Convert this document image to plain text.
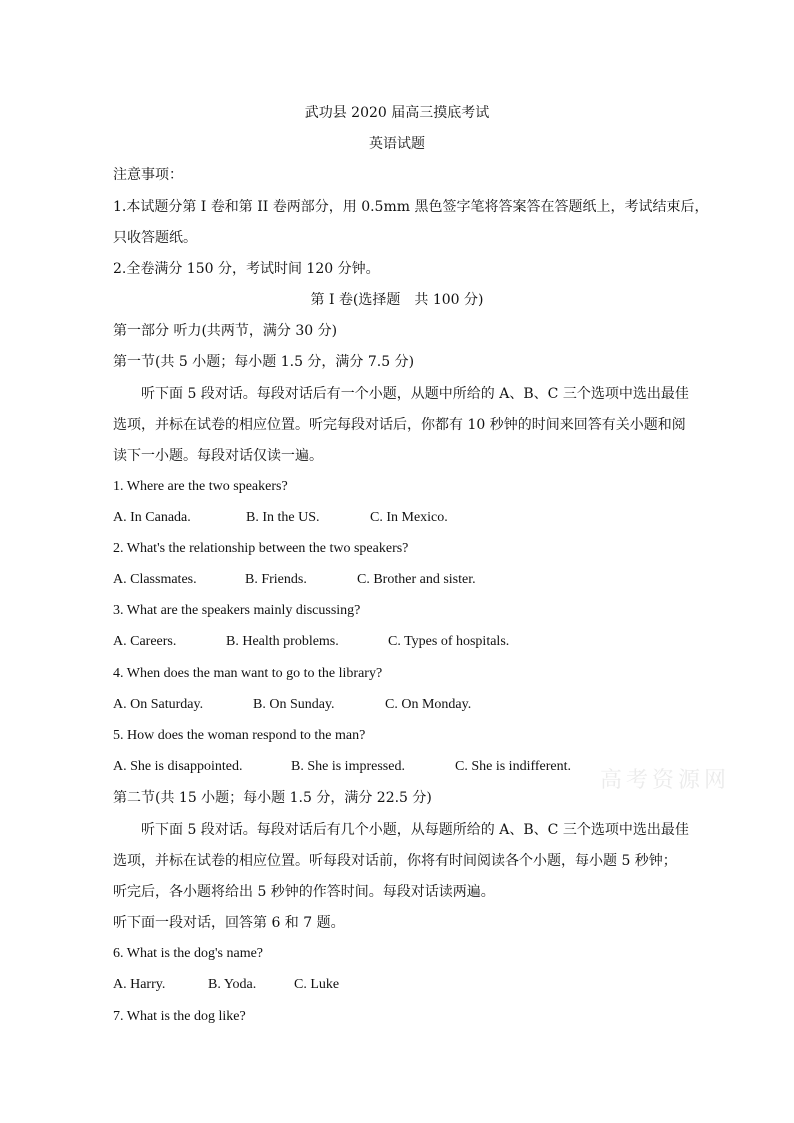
武功县 2020 届高三摸底考试
英语试题
注意事项：
1.本试题分第 I 卷和第 II 卷两部分，用 0.5mm 黑色签字笔将答案答在答题纸上，考试结束后，
只收答题纸。
2.全卷满分 150 分，考试时间 120 分钟。
第 I 卷(选择题　共 100 分)
第一部分 听力(共两节，满分 30 分)
第一节(共 5 小题；每小题 1.5 分，满分 7.5 分)
听下面 5 段对话。每段对话后有一个小题，从题中所给的 A、B、C 三个选项中选出最佳
选项，并标在试卷的相应位置。听完每段对话后，你都有 10 秒钟的时间来回答有关小题和阅
读下一小题。每段对话仅读一遍。
1. Where are the two speakers?
A. In Canada.	B. In the US.	C. In Mexico.
2. What's the relationship between the two speakers?
A. Classmates.	B. Friends.	C. Brother and sister.
3. What are the speakers mainly discussing?
A. Careers.	B. Health problems.	C. Types of hospitals.
4. When does the man want to go to the library?
A. On Saturday.	B. On Sunday.	C. On Monday.
5. How does the woman respond to the man?
A. She is disappointed.	B. She is impressed.	C. She is indifferent.
高考资源网
第二节(共 15 小题；每小题 1.5 分，满分 22.5 分)
听下面 5 段对话。每段对话后有几个小题，从每题所给的 A、B、C 三个选项中选出最佳
选项，并标在试卷的相应位置。听每段对话前，你将有时间阅读各个小题，每小题 5 秒钟；
听完后，各小题将给出 5 秒钟的作答时间。每段对话读两遍。
听下面一段对话，回答第 6 和 7 题。
6. What is the dog's name?
A. Harry.	B. Yoda.	C. Luke
7. What is the dog like?
